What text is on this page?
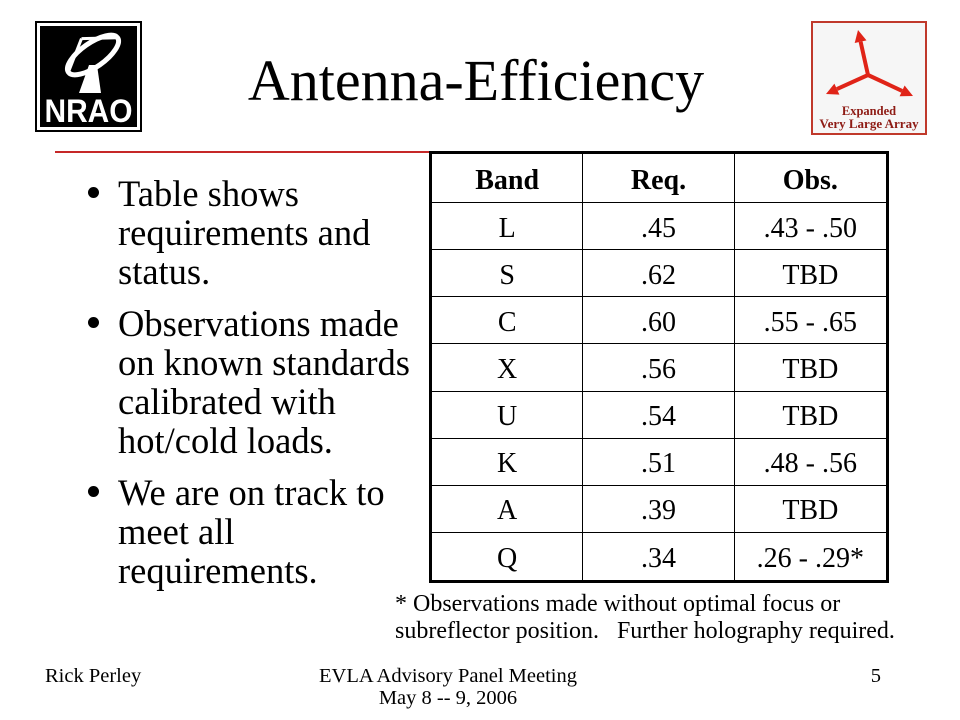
NRAO	Antenna-Efficiency	Expanded
Very Large Array
Table shows
requirements and
status.
Observations made
on known standards
calibrated with
hot/cold loads.
We are on track to
meet all
requirements.
Band	Req.	Obs.
L	.45	.43 - .50
S	.62	TBD
C	.60	.55 - .65
X	.56	TBD
U	.54	TBD
K	.51	.48 - .56
A	.39	TBD
Q	.34	.26 - .29*
* Observations made without optimal focus or
subreflector position.   Further holography required.
Rick Perley	EVLA Advisory Panel Meeting
May 8 -- 9, 2006
5
